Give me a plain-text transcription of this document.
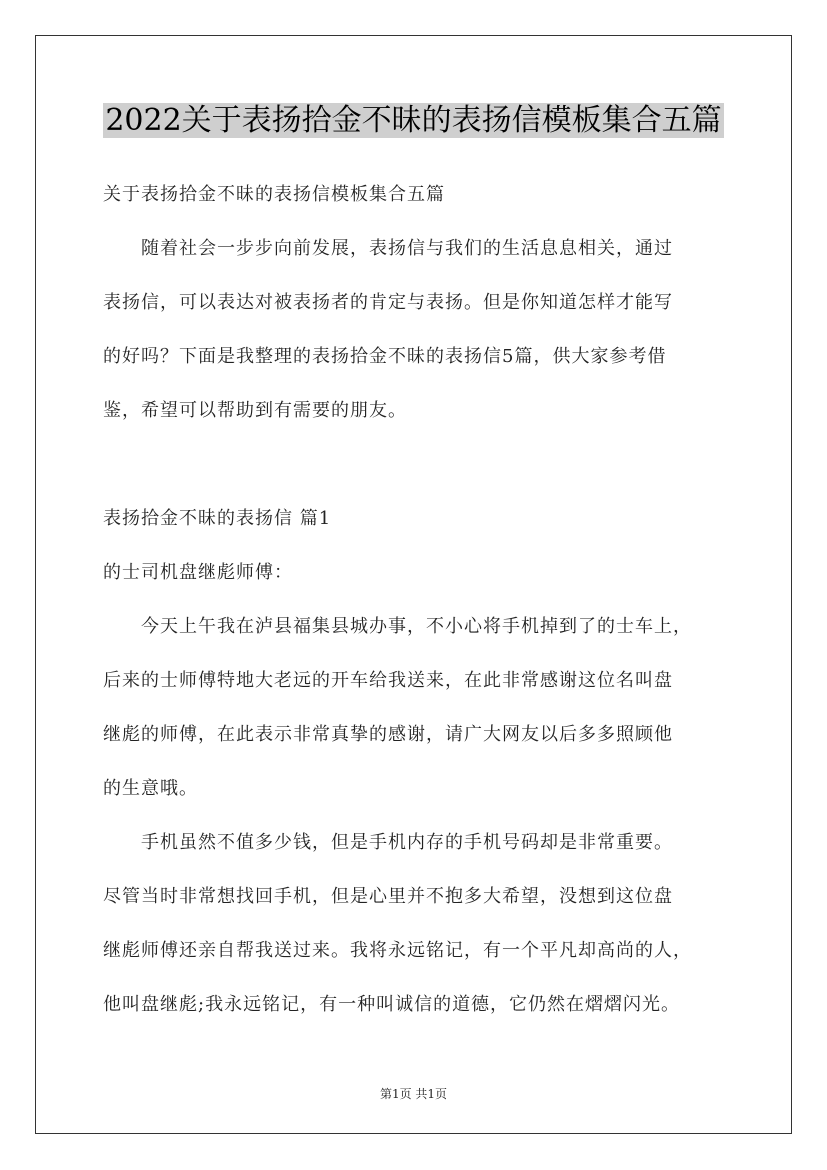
2022关于表扬拾金不昧的表扬信模板集合五篇
关于表扬拾金不昧的表扬信模板集合五篇
随着社会一步步向前发展，表扬信与我们的生活息息相关，通过
表扬信，可以表达对被表扬者的肯定与表扬。但是你知道怎样才能写
的好吗？下面是我整理的表扬拾金不昧的表扬信5篇，供大家参考借
鉴，希望可以帮助到有需要的朋友。
表扬拾金不昧的表扬信 篇1
的士司机盘继彪师傅：
今天上午我在泸县福集县城办事，不小心将手机掉到了的士车上，
后来的士师傅特地大老远的开车给我送来，在此非常感谢这位名叫盘
继彪的师傅，在此表示非常真挚的感谢，请广大网友以后多多照顾他
的生意哦。
手机虽然不值多少钱，但是手机内存的手机号码却是非常重要。
尽管当时非常想找回手机，但是心里并不抱多大希望，没想到这位盘
继彪师傅还亲自帮我送过来。我将永远铭记，有一个平凡却高尚的人，
他叫盘继彪;我永远铭记，有一种叫诚信的道德，它仍然在熠熠闪光。
第1页 共1页
